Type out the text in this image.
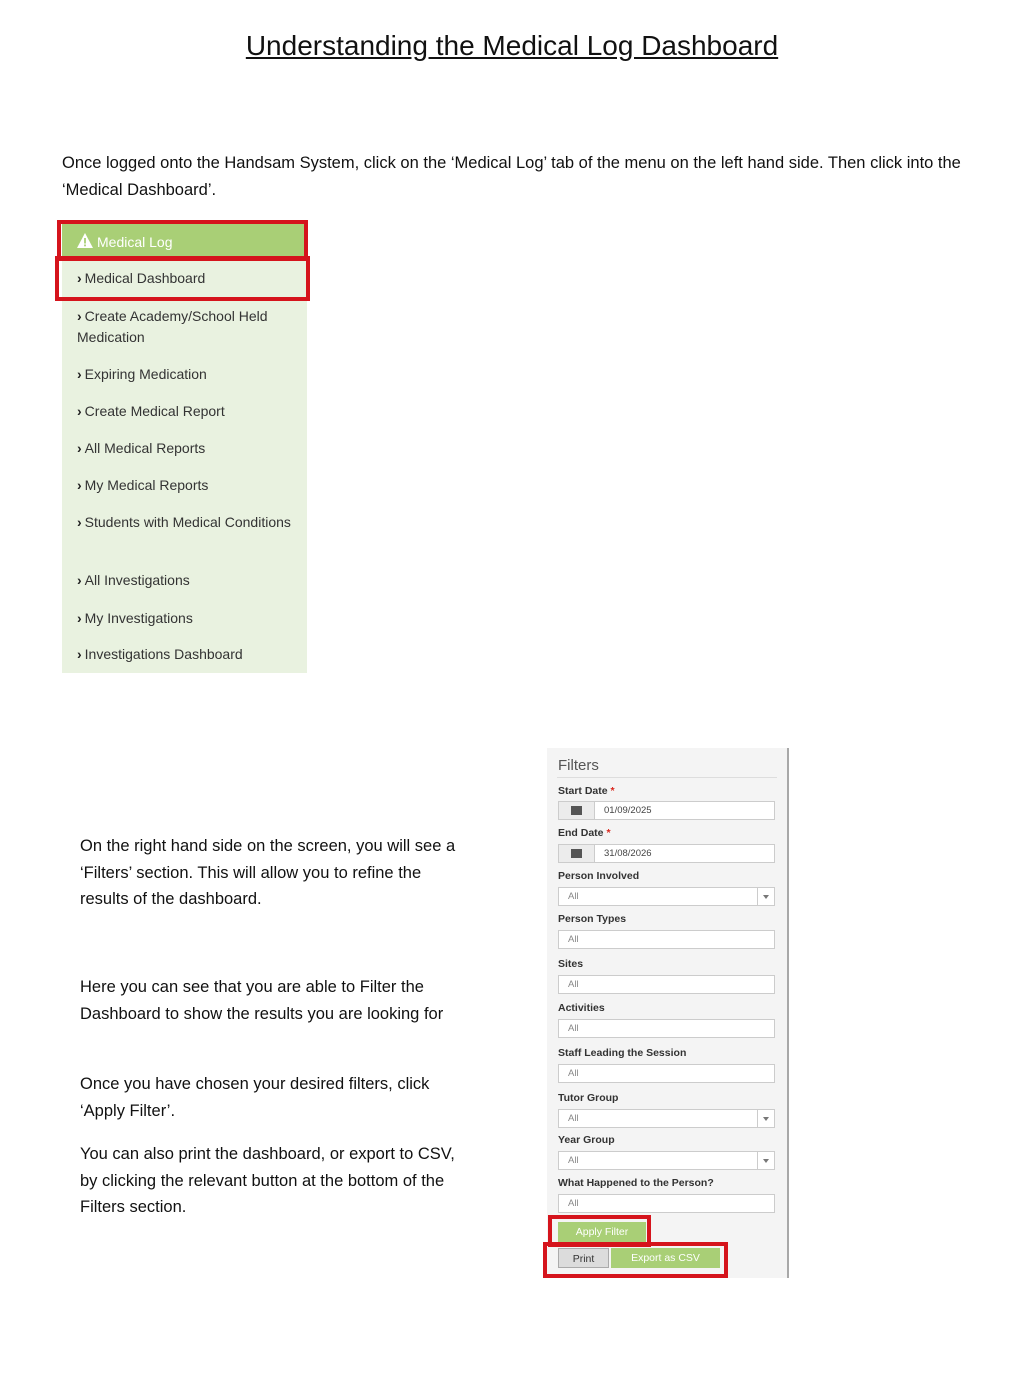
Understanding the Medical Log Dashboard

Once logged onto the Handsam System, click on the ‘Medical Log’ tab of the menu on the left hand side. Then click into the ‘Medical Dashboard’.

Medical Log
› Medical Dashboard
› Create Academy/School Held Medication
› Expiring Medication
› Create Medical Report
› All Medical Reports
› My Medical Reports
› Students with Medical Conditions
› All Investigations
› My Investigations
› Investigations Dashboard

On the right hand side on the screen, you will see a ‘Filters’ section. This will allow you to refine the results of the dashboard.

Here you can see that you are able to Filter the Dashboard to show the results you are looking for

Once you have chosen your desired filters, click ‘Apply Filter’.

You can also print the dashboard, or export to CSV, by clicking the relevant button at the bottom of the Filters section.

Filters
Start Date *
01/09/2025
End Date *
31/08/2026
Person Involved
All
Person Types
All
Sites
All
Activities
All
Staff Leading the Session
All
Tutor Group
All
Year Group
All
What Happened to the Person?
All
Apply Filter
Print	Export as CSV
